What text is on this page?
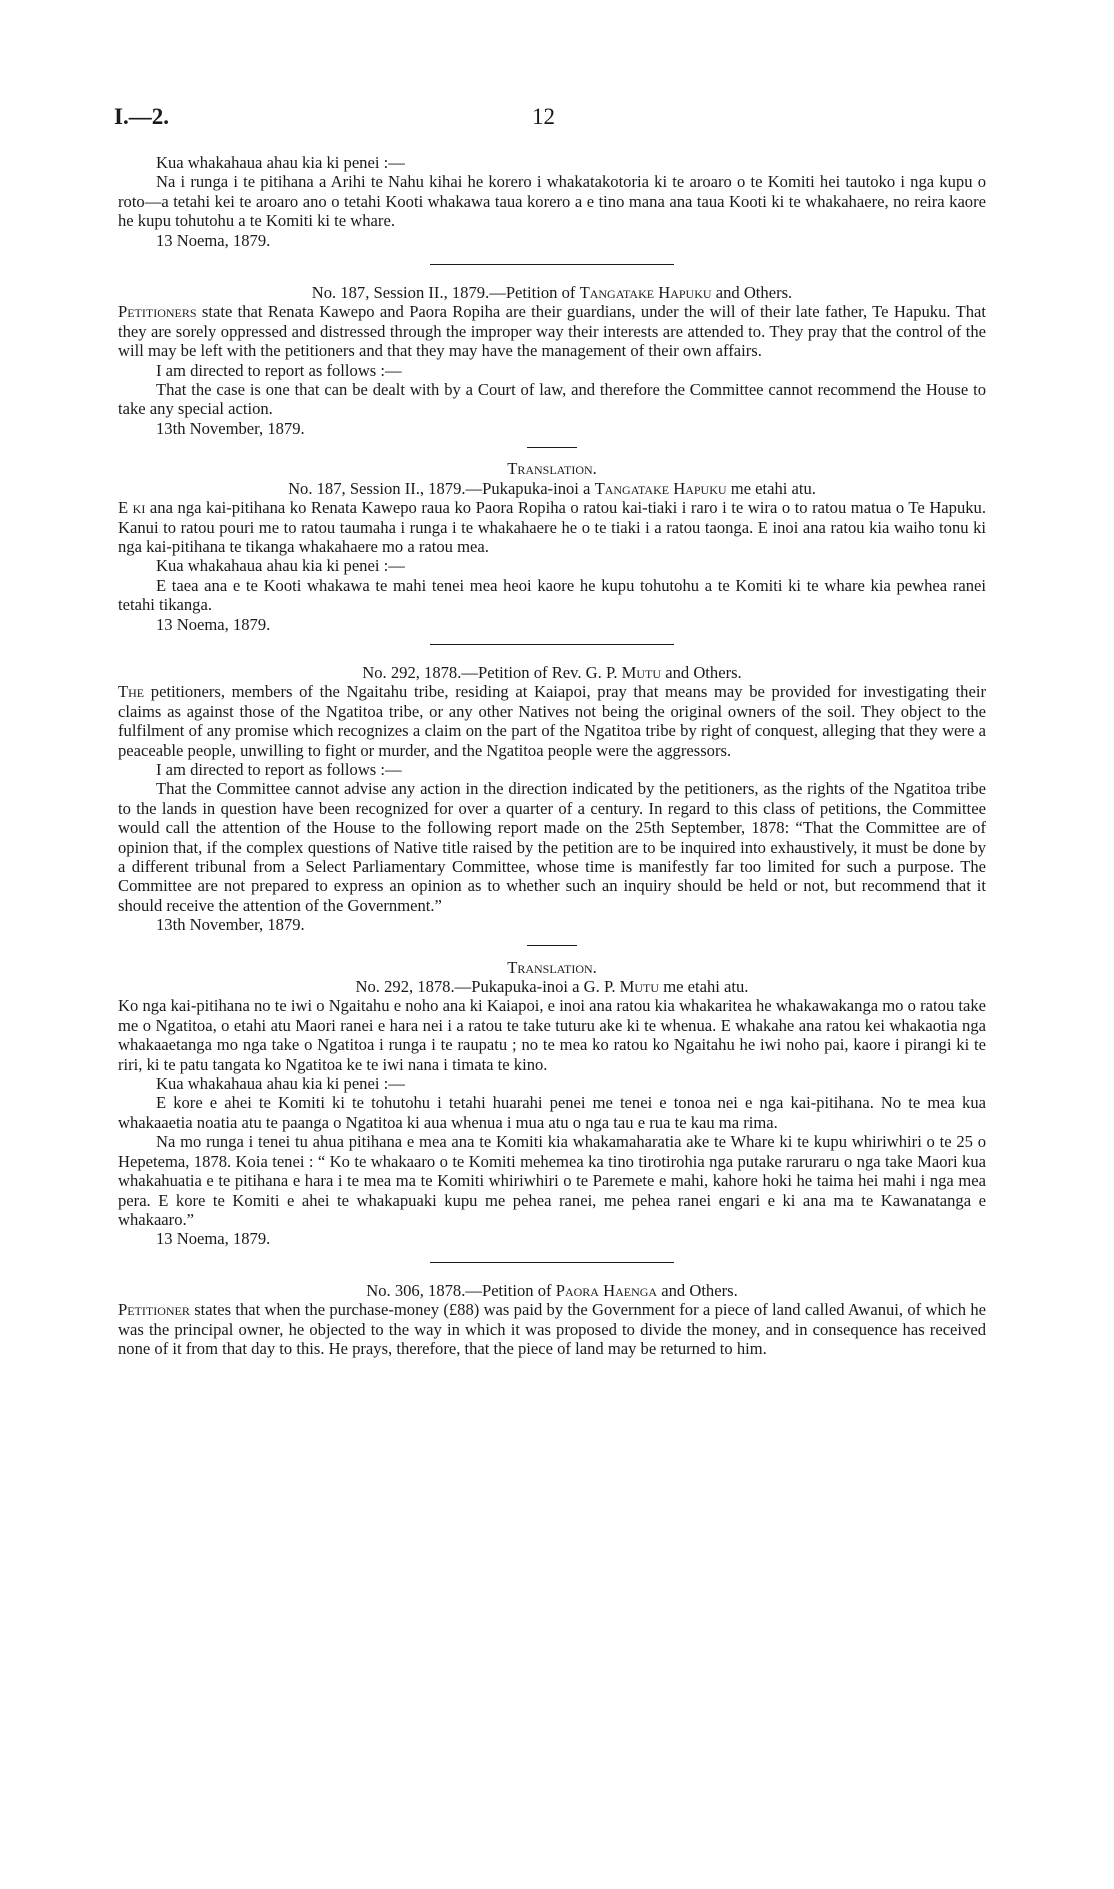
I.—2.	12

Kua whakahaua ahau kia ki penei :—

Na i runga i te pitihana a Arihi te Nahu kihai he korero i whakatakotoria ki te aroaro o te Komiti hei tautoko i nga kupu o roto—a tetahi kei te aroaro ano o tetahi Kooti whakawa taua korero a e tino mana ana taua Kooti ki te whakahaere, no reira kaore he kupu tohutohu a te Komiti ki te whare.

13 Noema, 1879.

No. 187, Session II., 1879.—Petition of Tangatake Hapuku and Others.

Petitioners state that Renata Kawepo and Paora Ropiha are their guardians, under the will of their late father, Te Hapuku. That they are sorely oppressed and distressed through the improper way their interests are attended to. They pray that the control of the will may be left with the petitioners and that they may have the management of their own affairs.

I am directed to report as follows :—

That the case is one that can be dealt with by a Court of law, and therefore the Committee cannot recommend the House to take any special action.

13th November, 1879.

Translation.

No. 187, Session II., 1879.—Pukapuka-inoi a Tangatake Hapuku me etahi atu.

E ki ana nga kai-pitihana ko Renata Kawepo raua ko Paora Ropiha o ratou kai-tiaki i raro i te wira o to ratou matua o Te Hapuku. Kanui to ratou pouri me to ratou taumaha i runga i te whakahaere he o te tiaki i a ratou taonga. E inoi ana ratou kia waiho tonu ki nga kai-pitihana te tikanga whakahaere mo a ratou mea.

Kua whakahaua ahau kia ki penei :—

E taea ana e te Kooti whakawa te mahi tenei mea heoi kaore he kupu tohutohu a te Komiti ki te whare kia pewhea ranei tetahi tikanga.

13 Noema, 1879.

No. 292, 1878.—Petition of Rev. G. P. Mutu and Others.

The petitioners, members of the Ngaitahu tribe, residing at Kaiapoi, pray that means may be provided for investigating their claims as against those of the Ngatitoa tribe, or any other Natives not being the original owners of the soil. They object to the fulfilment of any promise which recognizes a claim on the part of the Ngatitoa tribe by right of conquest, alleging that they were a peaceable people, unwilling to fight or murder, and the Ngatitoa people were the aggressors.

I am directed to report as follows :—

That the Committee cannot advise any action in the direction indicated by the petitioners, as the rights of the Ngatitoa tribe to the lands in question have been recognized for over a quarter of a century. In regard to this class of petitions, the Committee would call the attention of the House to the following report made on the 25th September, 1878: “That the Committee are of opinion that, if the complex questions of Native title raised by the petition are to be inquired into exhaustively, it must be done by a different tribunal from a Select Parliamentary Committee, whose time is manifestly far too limited for such a purpose. The Committee are not prepared to express an opinion as to whether such an inquiry should be held or not, but recommend that it should receive the attention of the Government.”

13th November, 1879.

Translation.

No. 292, 1878.—Pukapuka-inoi a G. P. Mutu me etahi atu.

Ko nga kai-pitihana no te iwi o Ngaitahu e noho ana ki Kaiapoi, e inoi ana ratou kia whakaritea he whakawakanga mo o ratou take me o Ngatitoa, o etahi atu Maori ranei e hara nei i a ratou te take tuturu ake ki te whenua. E whakahe ana ratou kei whakaotia nga whakaaetanga mo nga take o Ngatitoa i runga i te raupatu ; no te mea ko ratou ko Ngaitahu he iwi noho pai, kaore i pirangi ki te riri, ki te patu tangata ko Ngatitoa ke te iwi nana i timata te kino.

Kua whakahaua ahau kia ki penei :—

E kore e ahei te Komiti ki te tohutohu i tetahi huarahi penei me tenei e tonoa nei e nga kai-pitihana. No te mea kua whakaaetia noatia atu te paanga o Ngatitoa ki aua whenua i mua atu o nga tau e rua te kau ma rima.

Na mo runga i tenei tu ahua pitihana e mea ana te Komiti kia whakamaharatia ake te Whare ki te kupu whiriwhiri o te 25 o Hepetema, 1878. Koia tenei : “ Ko te whakaaro o te Komiti mehemea ka tino tirotirohia nga putake raruraru o nga take Maori kua whakahuatia e te pitihana e hara i te mea ma te Komiti whiriwhiri o te Paremete e mahi, kahore hoki he taima hei mahi i nga mea pera. E kore te Komiti e ahei te whakapuaki kupu me pehea ranei, me pehea ranei engari e ki ana ma te Kawanatanga e whakaaro.”

13 Noema, 1879.

No. 306, 1878.—Petition of Paora Haenga and Others.

Petitioner states that when the purchase-money (£88) was paid by the Government for a piece of land called Awanui, of which he was the principal owner, he objected to the way in which it was proposed to divide the money, and in consequence has received none of it from that day to this. He prays, therefore, that the piece of land may be returned to him.
